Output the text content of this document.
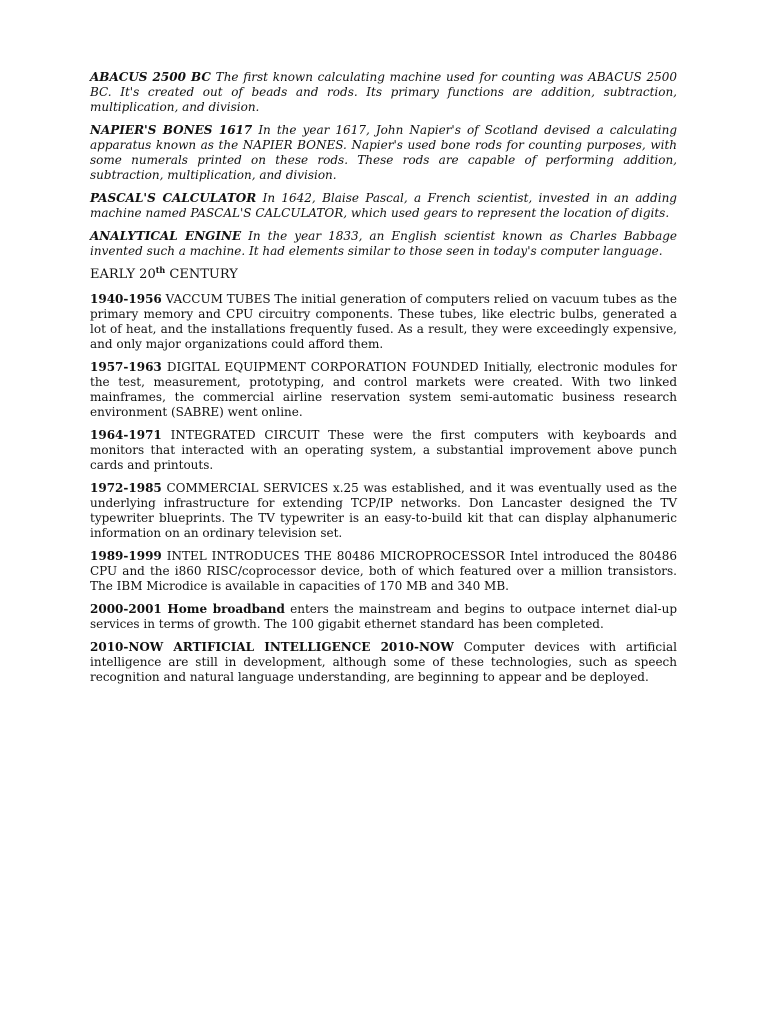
ABACUS 2500 BC The first known calculating machine used for counting was ABACUS 2500 BC. It's created out of beads and rods. Its primary functions are addition, subtraction, multiplication, and division.

NAPIER'S BONES 1617 In the year 1617, John Napier's of Scotland devised a calculating apparatus known as the NAPIER BONES. Napier's used bone rods for counting purposes, with some numerals printed on these rods. These rods are capable of performing addition, subtraction, multiplication, and division.

PASCAL'S CALCULATOR In 1642, Blaise Pascal, a French scientist, invested in an adding machine named PASCAL'S CALCULATOR, which used gears to represent the location of digits.

ANALYTICAL ENGINE In the year 1833, an English scientist known as Charles Babbage invented such a machine. It had elements similar to those seen in today's computer language.

EARLY 20th CENTURY

1940-1956 VACCUM TUBES The initial generation of computers relied on vacuum tubes as the primary memory and CPU circuitry components. These tubes, like electric bulbs, generated a lot of heat, and the installations frequently fused. As a result, they were exceedingly expensive, and only major organizations could afford them.

1957-1963 DIGITAL EQUIPMENT CORPORATION FOUNDED Initially, electronic modules for the test, measurement, prototyping, and control markets were created. With two linked mainframes, the commercial airline reservation system semi-automatic business research environment (SABRE) went online.

1964-1971 INTEGRATED CIRCUIT These were the first computers with keyboards and monitors that interacted with an operating system, a substantial improvement above punch cards and printouts.

1972-1985 COMMERCIAL SERVICES x.25 was established, and it was eventually used as the underlying infrastructure for extending TCP/IP networks. Don Lancaster designed the TV typewriter blueprints. The TV typewriter is an easy-to-build kit that can display alphanumeric information on an ordinary television set.

1989-1999 INTEL INTRODUCES THE 80486 MICROPROCESSOR Intel introduced the 80486 CPU and the i860 RISC/coprocessor device, both of which featured over a million transistors. The IBM Microdice is available in capacities of 170 MB and 340 MB.

2000-2001 Home broadband enters the mainstream and begins to outpace internet dial-up services in terms of growth. The 100 gigabit ethernet standard has been completed.

2010-NOW ARTIFICIAL INTELLIGENCE 2010-NOW Computer devices with artificial intelligence are still in development, although some of these technologies, such as speech recognition and natural language understanding, are beginning to appear and be deployed.
